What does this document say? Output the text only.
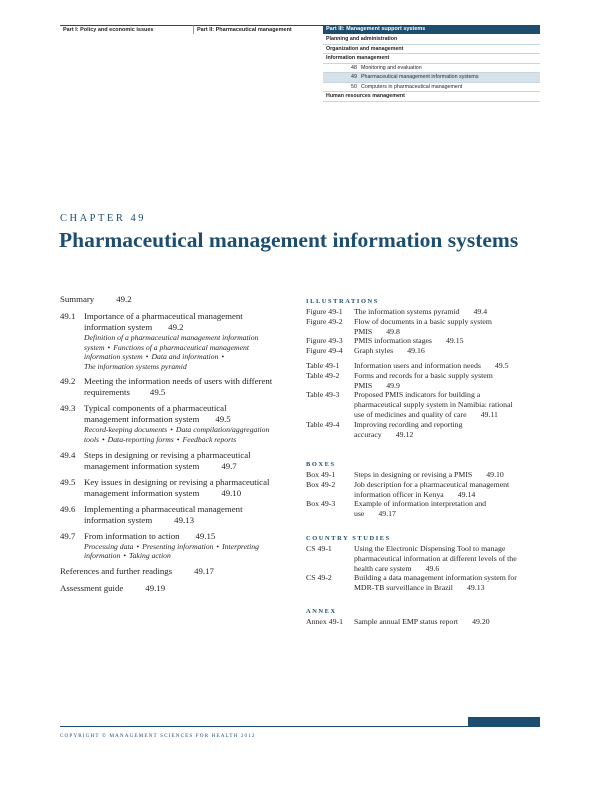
Part I: Policy and economic issues	Part II: Pharmaceutical management	Part III: Management support systems
Planning and administration
Organization and management
Information management
48 Monitoring and evaluation
49 Pharmaceutical management information systems
50 Computers in pharmaceutical management
Human resources management
CHAPTER 49
Pharmaceutical management information systems
Summary	49.2
49.1 Importance of a pharmaceutical management
information system 49.2
Definition of a pharmaceutical management information
system • Functions of a pharmaceutical management
information system • Data and information •
The information systems pyramid
49.2 Meeting the information needs of users with different
requirements 49.5
49.3 Typical components of a pharmaceutical
management information system 49.5
Record-keeping documents • Data compilation/aggregation
tools • Data-reporting forms • Feedback reports
49.4 Steps in designing or revising a pharmaceutical
management information system	49.7
49.5 Key issues in designing or revising a pharmaceutical
management information system	49.10
49.6 Implementing a pharmaceutical management
information system	49.13
49.7 From information to action 49.15
Processing data • Presenting information • Interpreting
information • Taking action
References and further readings	49.17
Assessment guide	49.19
ILLUSTRATIONS
Figure 49-1	The information systems pyramid 49.4
Figure 49-2	Flow of documents in a basic supply system
PMIS 49.8
Figure 49-3	PMIS information stages 49.15
Figure 49-4	Graph styles 49.16
Table 49-1	Information users and information needs 49.5
Table 49-2	Forms and records for a basic supply system
PMIS 49.9
Table 49-3	Proposed PMIS indicators for building a
pharmaceutical supply system in Namibia: rational
use of medicines and quality of care 49.11
Table 49-4	Improving recording and reporting
accuracy 49.12
BOXES
Box 49-1	Steps in designing or revising a PMIS 49.10
Box 49-2	Job description for a pharmaceutical management
information officer in Kenya 49.14
Box 49-3	Example of information interpretation and
use 49.17
COUNTRY STUDIES
CS 49-1	Using the Electronic Dispensing Tool to manage
pharmaceutical information at different levels of the
health care system 49.6
CS 49-2	Building a data management information system for
MDR-TB surveillance in Brazil 49.13
ANNEX
Annex 49-1	Sample annual EMP status report 49.20
COPYRIGHT © MANAGEMENT SCIENCES FOR HEALTH 2012
